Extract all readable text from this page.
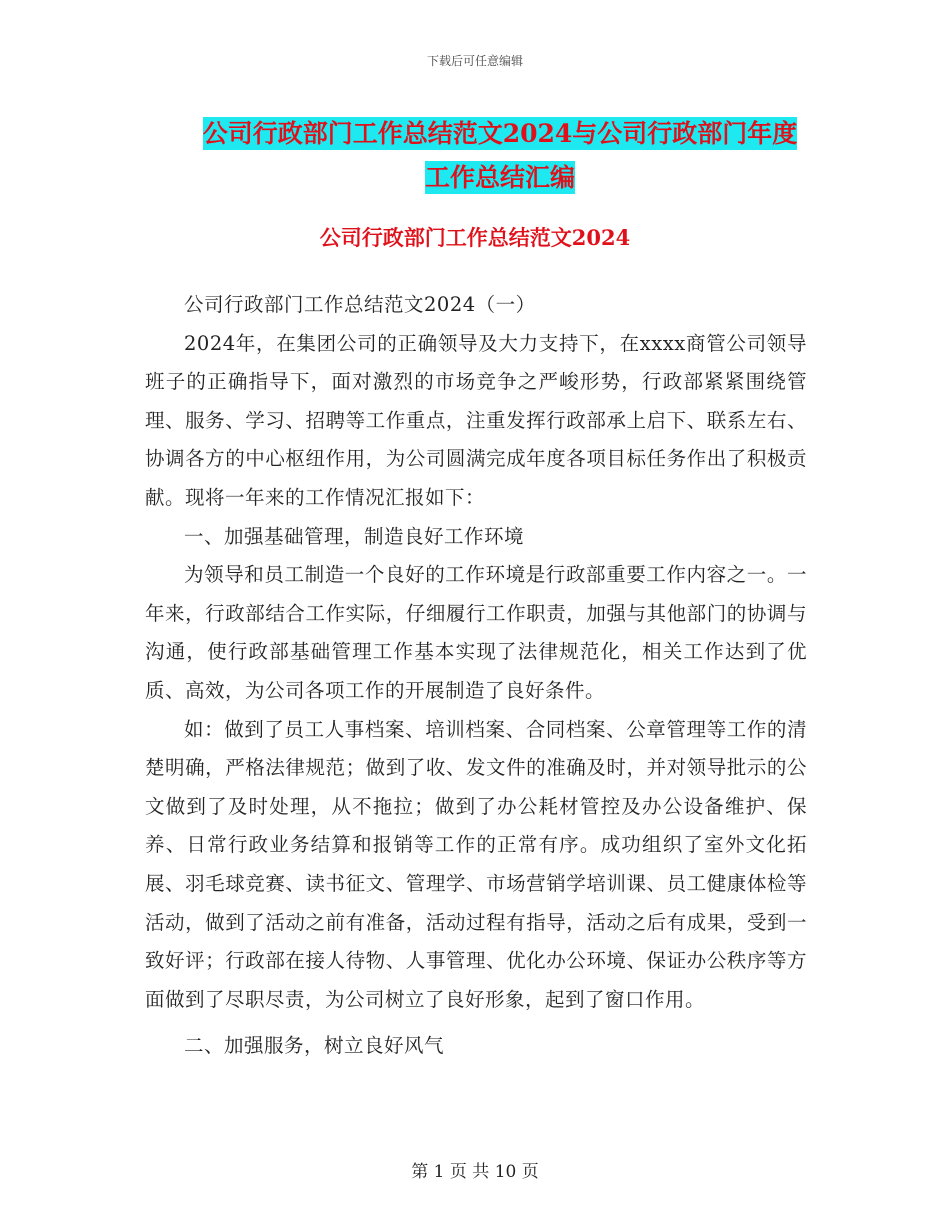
下载后可任意编辑
公司行政部门工作总结范文2024与公司行政部门年度
工作总结汇编
公司行政部门工作总结范文2024

公司行政部门工作总结范文2024（一）

2024年，在集团公司的正确领导及大力支持下，在xxxx商管公司领导班子的正确指导下，面对激烈的市场竞争之严峻形势，行政部紧紧围绕管理、服务、学习、招聘等工作重点，注重发挥行政部承上启下、联系左右、协调各方的中心枢纽作用，为公司圆满完成年度各项目标任务作出了积极贡献。现将一年来的工作情况汇报如下：

一、加强基础管理，制造良好工作环境

为领导和员工制造一个良好的工作环境是行政部重要工作内容之一。一年来，行政部结合工作实际，仔细履行工作职责，加强与其他部门的协调与沟通，使行政部基础管理工作基本实现了法律规范化，相关工作达到了优质、高效，为公司各项工作的开展制造了良好条件。

如：做到了员工人事档案、培训档案、合同档案、公章管理等工作的清楚明确，严格法律规范；做到了收、发文件的准确及时，并对领导批示的公文做到了及时处理，从不拖拉；做到了办公耗材管控及办公设备维护、保养、日常行政业务结算和报销等工作的正常有序。成功组织了室外文化拓展、羽毛球竞赛、读书征文、管理学、市场营销学培训课、员工健康体检等活动，做到了活动之前有准备，活动过程有指导，活动之后有成果，受到一致好评；行政部在接人待物、人事管理、优化办公环境、保证办公秩序等方面做到了尽职尽责，为公司树立了良好形象，起到了窗口作用。

二、加强服务，树立良好风气

第 1 页 共 10 页
